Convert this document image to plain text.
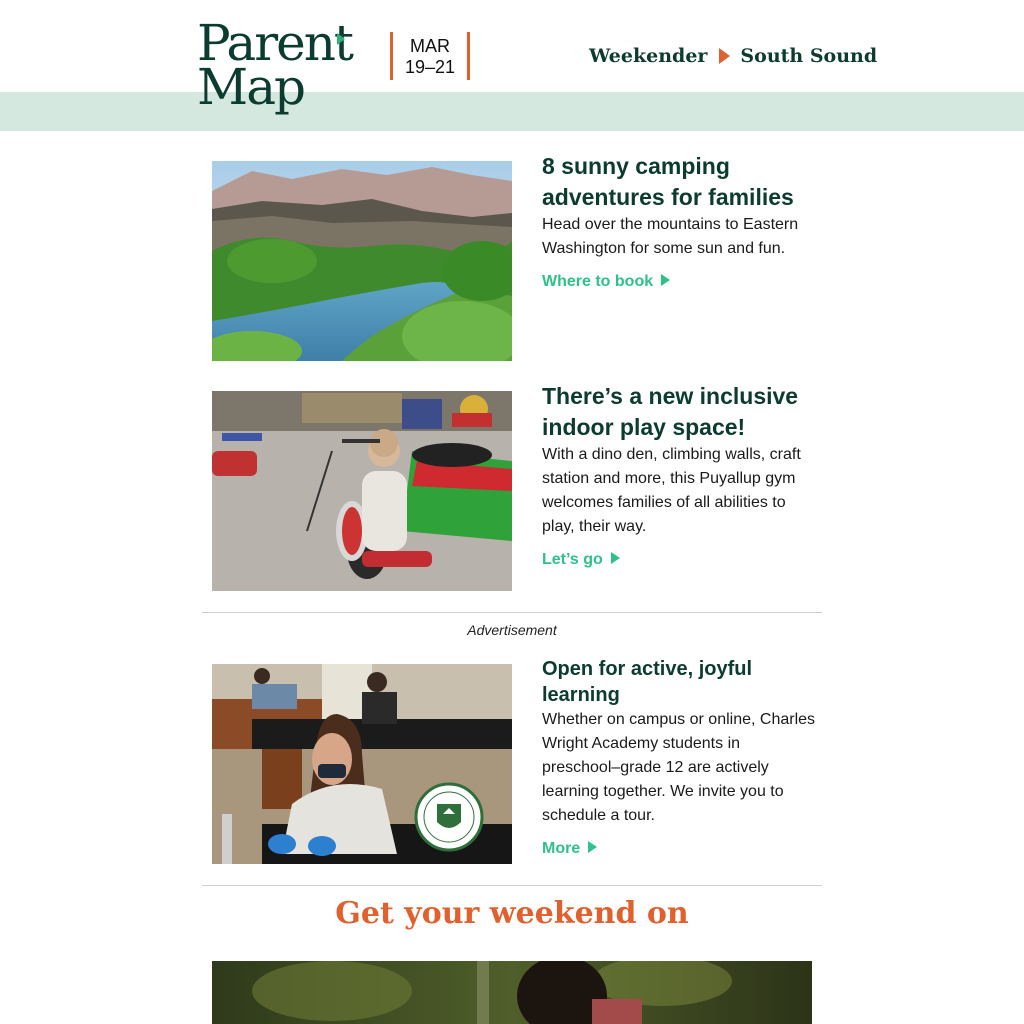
Parent
Map
MAR
19–21	Weekender South Sound
8 sunny camping adventures for families

Head over the mountains to Eastern Washington for some sun and fun.

Where to book
There’s a new inclusive indoor play space!

With a dino den, climbing walls, craft station and more, this Puyallup gym welcomes families of all abilities to play, their way.

Let’s go
Advertisement
Open for active, joyful learning

Whether on campus or online, Charles Wright Academy students in preschool–grade 12 are actively learning together. We invite you to schedule a tour.

More
Get your weekend on
